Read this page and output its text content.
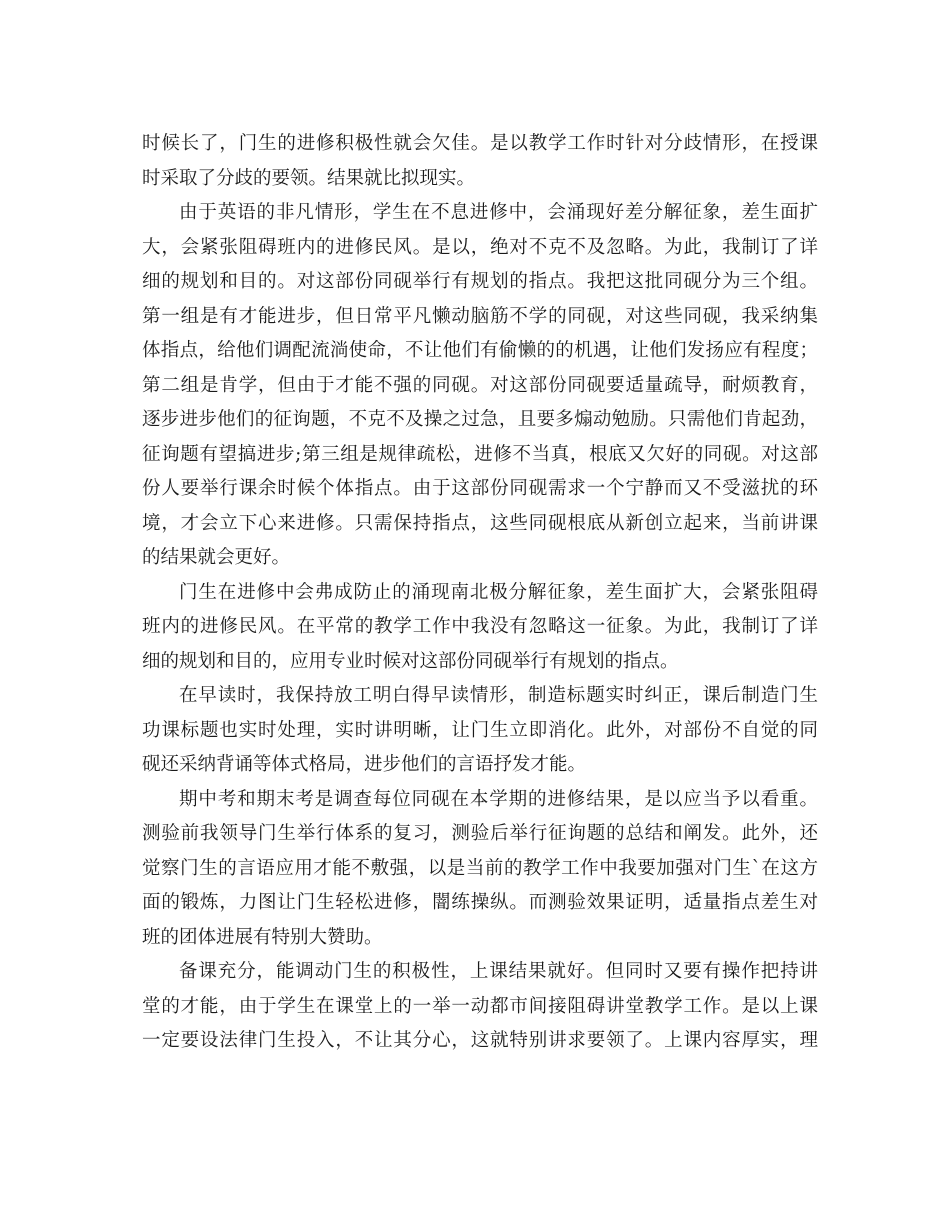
时候长了，门生的进修积极性就会欠佳。是以教学工作时针对分歧情形，在授课
时采取了分歧的要领。结果就比拟现实。
由于英语的非凡情形，学生在不息进修中，会涌现好差分解征象，差生面扩
大，会紧张阻碍班内的进修民风。是以，绝对不克不及忽略。为此，我制订了详
细的规划和目的。对这部份同砚举行有规划的指点。我把这批同砚分为三个组。
第一组是有才能进步，但日常平凡懒动脑筋不学的同砚，对这些同砚，我采纳集
体指点，给他们调配流淌使命，不让他们有偷懒的的机遇，让他们发扬应有程度；
第二组是肯学，但由于才能不强的同砚。对这部份同砚要适量疏导，耐烦教育，
逐步进步他们的征询题，不克不及操之过急，且要多煽动勉励。只需他们肯起劲，
征询题有望搞进步;第三组是规律疏松，进修不当真，根底又欠好的同砚。对这部
份人要举行课余时候个体指点。由于这部份同砚需求一个宁静而又不受滋扰的环
境，才会立下心来进修。只需保持指点，这些同砚根底从新创立起来，当前讲课
的结果就会更好。
门生在进修中会弗成防止的涌现南北极分解征象，差生面扩大，会紧张阻碍
班内的进修民风。在平常的教学工作中我没有忽略这一征象。为此，我制订了详
细的规划和目的，应用专业时候对这部份同砚举行有规划的指点。
在早读时，我保持放工明白得早读情形，制造标题实时纠正，课后制造门生
功课标题也实时处理，实时讲明晰，让门生立即消化。此外，对部份不自觉的同
砚还采纳背诵等体式格局，进步他们的言语抒发才能。
期中考和期末考是调查每位同砚在本学期的进修结果，是以应当予以看重。
测验前我领导门生举行体系的复习，测验后举行征询题的总结和阐发。此外，还
觉察门生的言语应用才能不敷强，以是当前的教学工作中我要加强对门生`在这方
面的锻炼，力图让门生轻松进修，闇练操纵。而测验效果证明，适量指点差生对
班的团体进展有特别大赞助。
备课充分，能调动门生的积极性，上课结果就好。但同时又要有操作把持讲
堂的才能，由于学生在课堂上的一举一动都市间接阻碍讲堂教学工作。是以上课
一定要设法律门生投入，不让其分心，这就特别讲求要领了。上课内容厚实，理
